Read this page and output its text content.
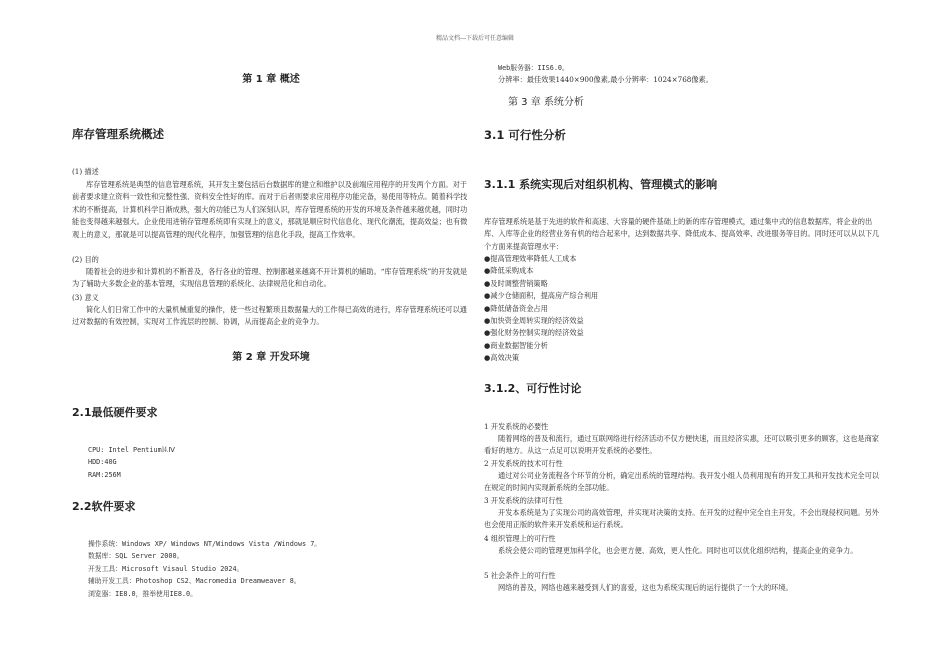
精品文档---下载后可任意编辑
第 1 章 概述
库存管理系统概述
(1) 描述
库存管理系统是典型的信息管理系统，其开发主要包括后台数据库的建立和维护以及前端应用程序的开发两个方面。对于前者要求建立资料一致性和完整性强、资料安全性好的库。而对于后者则要求应用程序功能完备，易使用等特点。随着科学技术的不断提高，计算机科学日渐成熟，强大的功能已为人们深刻认识，库存管理系统的开发的环境及条件越来越优越，同时功能也变得越来越强大。企业使用进销存管理系统即有实现上的意义，那就是顺应时代信息化、现代化潮流，提高效益；也有微观上的意义，那就是可以提高管理的现代化程序，加强管理的信息化手段，提高工作效率。
(2) 目的
随着社会的进步和计算机的不断普及，各行各业的管理、控制都越来越离不开计算机的辅助。“库存管理系统”的开发就是为了辅助大多数企业的基本管理，实现信息管理的系统化、法律规范化和自动化。
(3) 意义
简化人们日常工作中的大量机械重复的操作，使一些过程繁琐且数据量大的工作得已高效的进行，库存管理系统还可以通过对数据的有效控制，实现对工作流层的控制、协调，从而提高企业的竞争力。
第 2 章 开发环境
2.1最低硬件要求
CPU: Intel Pentium⒕Ⅳ
HDD:40G
RAM:256M
2.2软件要求
操作系统：Windows XP/ Windows NT/Windows Vista /Windows 7。
数据库：SQL Server 2000。
开发工具：Microsoft Visaul Studio 2024。
辅助开发工具：Photoshop CS2、Macromedia Dreamweaver 8。
浏览器：IE8.0，推举使用IE8.0。
Web服务器：IIS6.0。
分辨率：最佳效果1440×900像素,最小分辨率：1024×768像素。
第 3 章 系统分析
3.1 可行性分析
3.1.1 系统实现后对组织机构、管理模式的影响
库存管理系统是基于先进的软件和高速、大容量的硬件基础上的新的库存管理模式，通过集中式的信息数据库，将企业的出库、入库等企业的经营业务有机的结合起来中，达到数据共享、降低成本、提高效率、改进服务等目的。同时还可以从以下几个方面来提高管理水平：
●提高管理效率降低人工成本
●降低采购成本
●及时调整营销策略
●减少仓储面积，提高房产综合利用
●降低储备资金占用
●加快资金周转实现的经济效益
●强化财务控制实现的经济效益
●商业数据智能分析
●高效决策
3.1.2、可行性讨论
1 开发系统的必要性
随着网络的普及和流行，通过互联网络进行经济活动不仅方便快速，而且经济实惠，还可以吸引更多的顾客，这也是商家看好的地方。从这一点足可以说明开发系统的必要性。
2 开发系统的技术可行性
通过对公司业务流程各个环节的分析，确定出系统的管理结构。我开发小组人员利用现有的开发工具和开发技术完全可以在规定的时间内实现新系统的全部功能。
3 开发系统的法律可行性
开发本系统是为了实现公司的高效管理，并实现对决策的支持。在开发的过程中完全自主开发，不会出现侵权问题。另外也会使用正版的软件来开发系统和运行系统。
4 组织管理上的可行性
系统会使公司的管理更加科学化，也会更方便、高效，更人性化。同时也可以优化组织结构，提高企业的竞争力。
5 社会条件上的可行性
网络的普及，网络也越来越受到人们的喜爱，这也为系统实现后的运行提供了一个大的环境。
